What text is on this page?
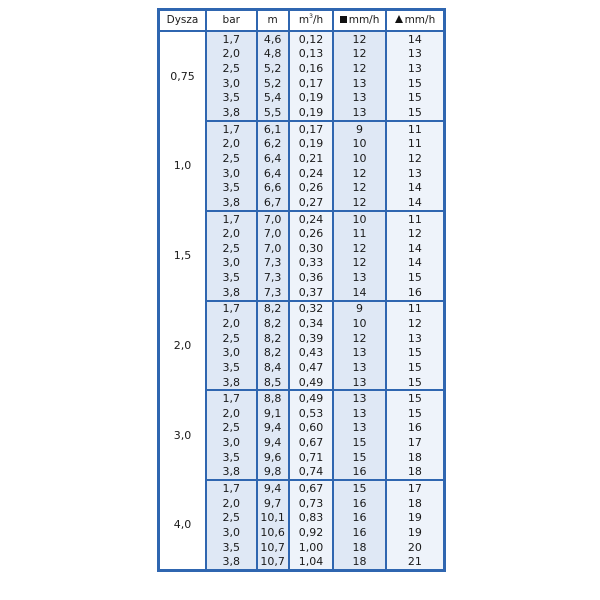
Dysza	bar	m	$m^3/h$	mm/h	mm/h
0,75	1,7	4,6	0,12	12	14
	2,0	4,8	0,13	12	13
	2,5	5,2	0,16	12	13
	3,0	5,2	0,17	13	15
	3,5	5,4	0,19	13	15
	3,8	5,5	0,19	13	15
1,0	1,7	6,1	0,17	9	11
	2,0	6,2	0,19	10	11
	2,5	6,4	0,21	10	12
	3,0	6,4	0,24	12	13
	3,5	6,6	0,26	12	14
	3,8	6,7	0,27	12	14
1,5	1,7	7,0	0,24	10	11
	2,0	7,0	0,26	11	12
	2,5	7,0	0,30	12	14
	3,0	7,3	0,33	12	14
	3,5	7,3	0,36	13	15
	3,8	7,3	0,37	14	16
2,0	1,7	8,2	0,32	9	11
	2,0	8,2	0,34	10	12
	2,5	8,2	0,39	12	13
	3,0	8,2	0,43	13	15
	3,5	8,4	0,47	13	15
	3,8	8,5	0,49	13	15
3,0	1,7	8,8	0,49	13	15
	2,0	9,1	0,53	13	15
	2,5	9,4	0,60	13	16
	3,0	9,4	0,67	15	17
	3,5	9,6	0,71	15	18
	3,8	9,8	0,74	16	18
4,0	1,7	9,4	0,67	15	17
	2,0	9,7	0,73	16	18
	2,5	10,1	0,83	16	19
	3,0	10,6	0,92	16	19
	3,5	10,7	1,00	18	20
	3,8	10,7	1,04	18	21
